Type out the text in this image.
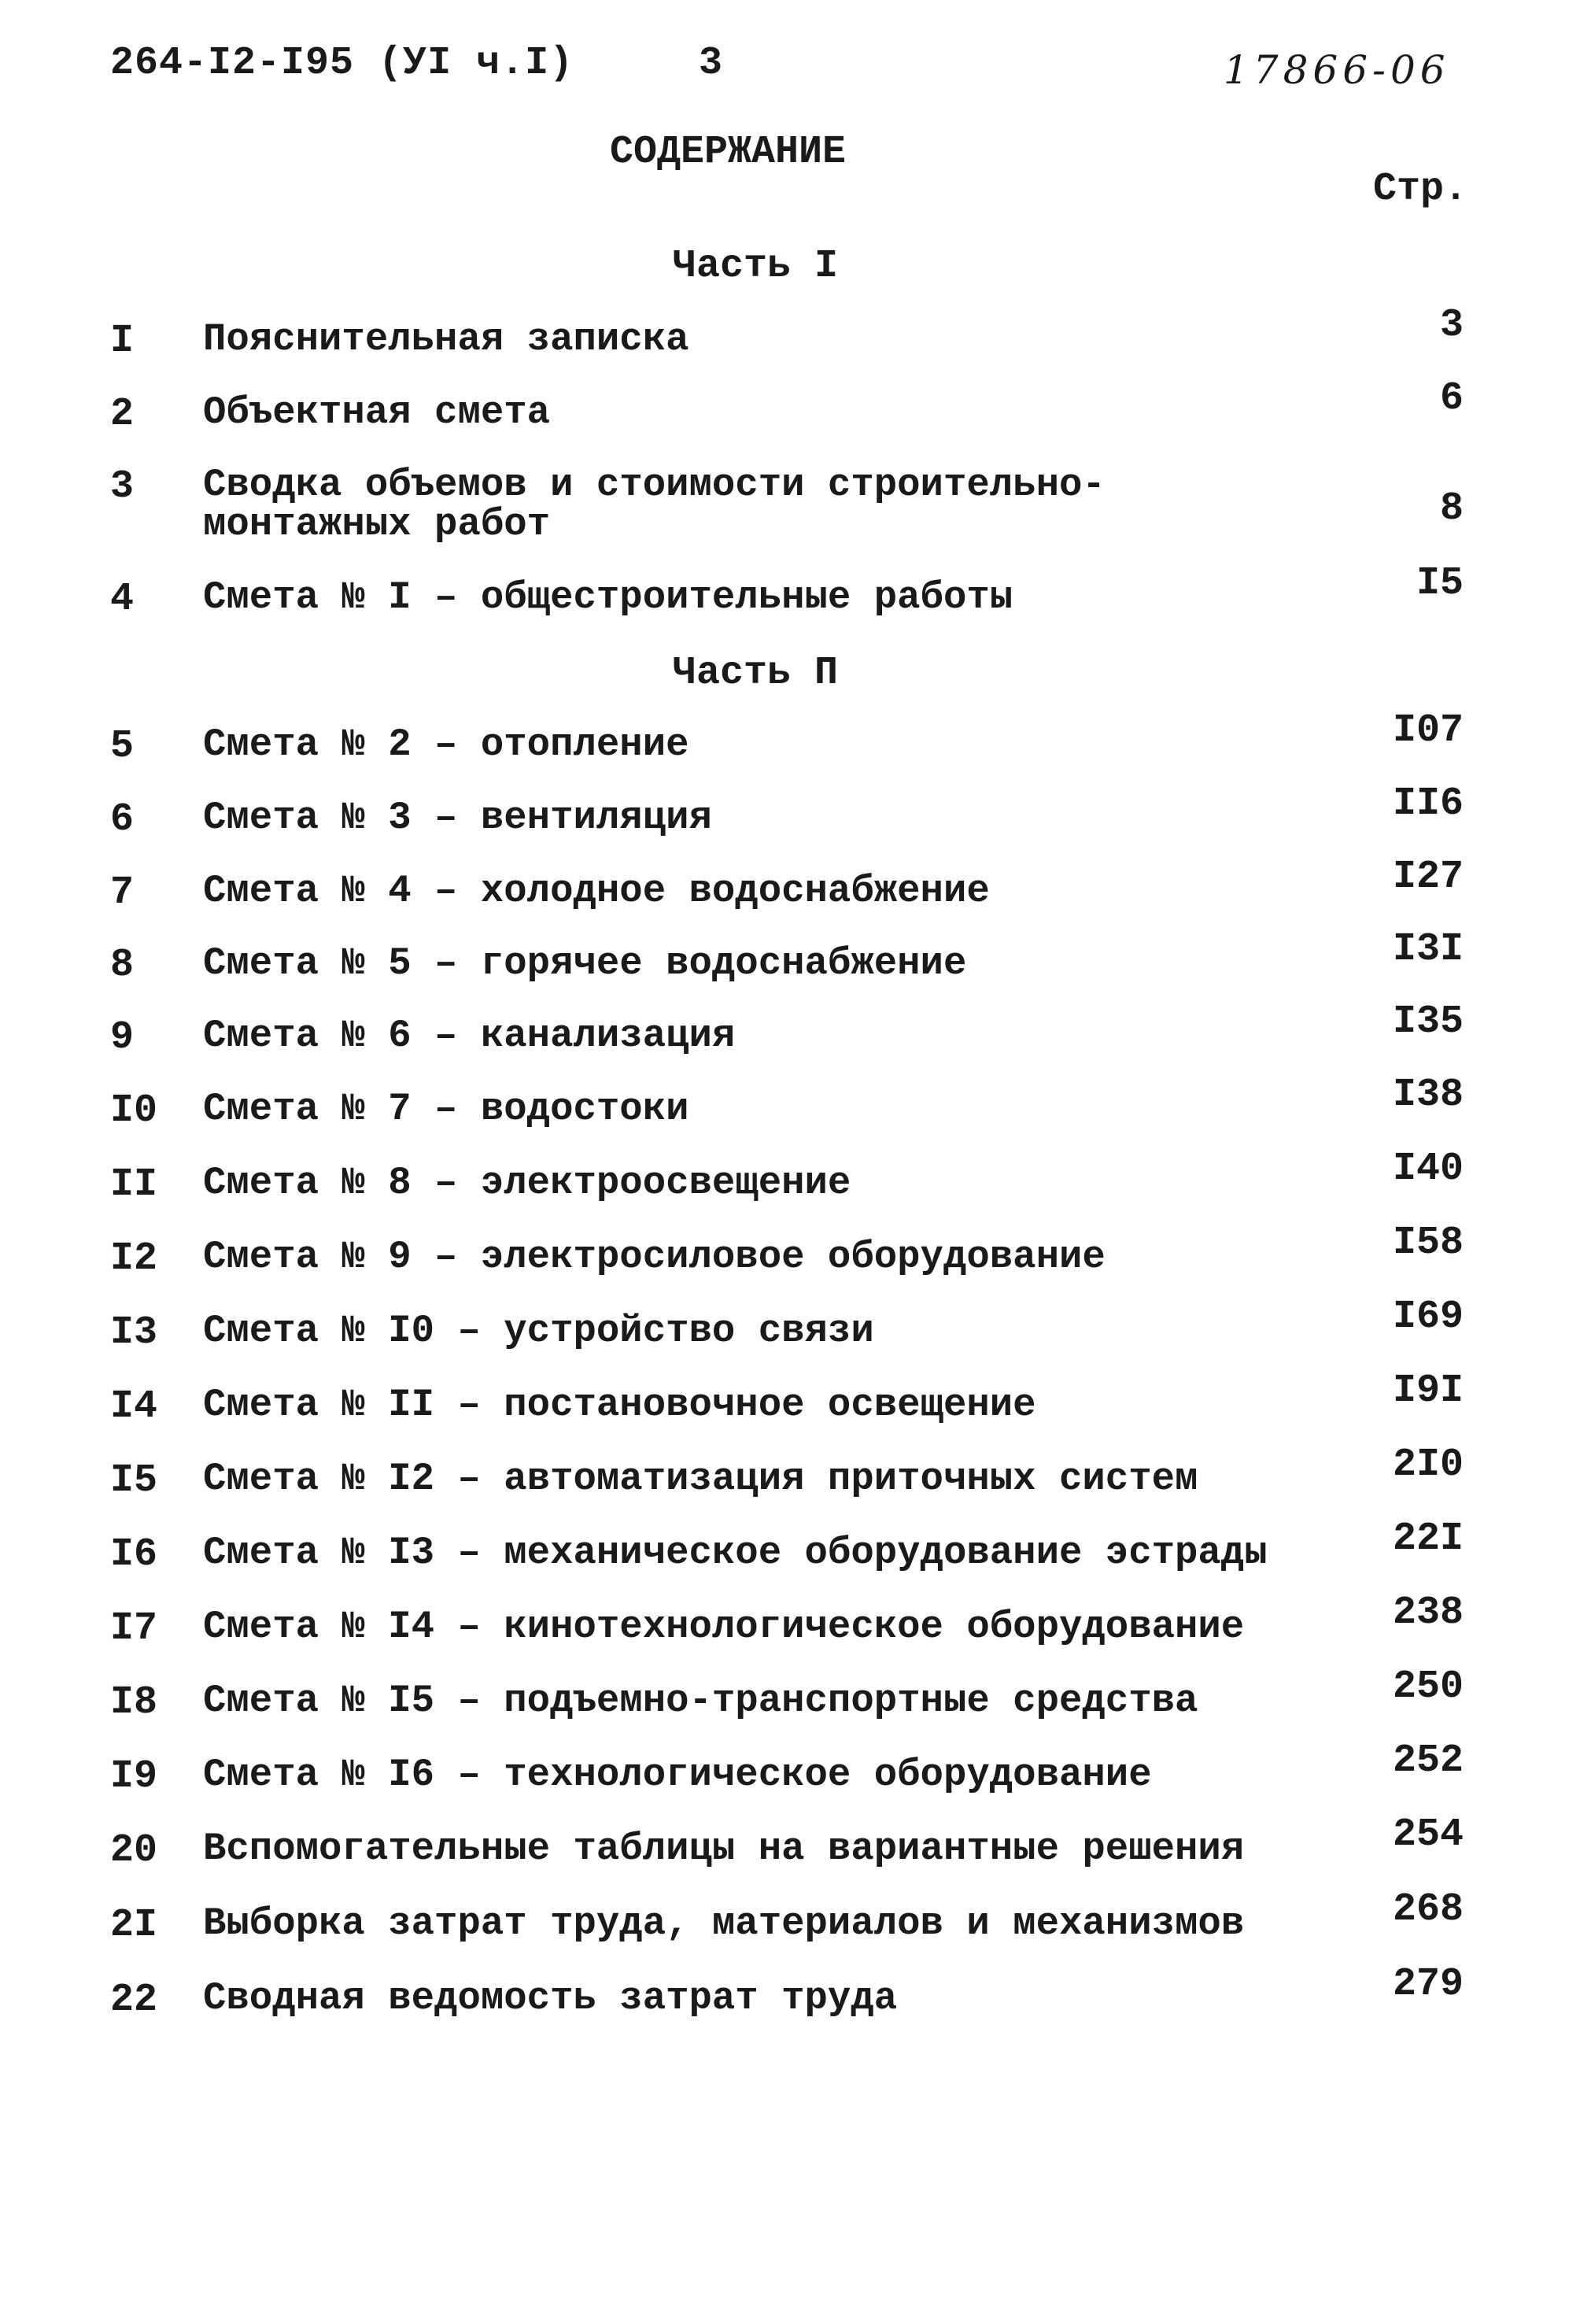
264-I2-I95 (УI ч.I)	3	17866-06
СОДЕРЖАНИЕ
Стр.
Часть I
I Пояснительная записка	3
2 Объектная смета	6
3 Сводка объемов и стоимости строительно-
монтажных работ	8
4 Смета № I – общестроительные работы	I5
Часть П
5 Смета № 2 – отопление	I07
6 Смета № 3 – вентиляция	II6
7 Смета № 4 – холодное водоснабжение	I27
8 Смета № 5 – горячее водоснабжение	I3I
9 Смета № 6 – канализация	I35
I0 Смета № 7 – водостоки	I38
II Смета № 8 – электроосвещение	I40
I2 Смета № 9 – электросиловое оборудование	I58
I3 Смета № I0 – устройство связи	I69
I4 Смета № II – постановочное освещение	I9I
I5 Смета № I2 – автоматизация приточных систем	2I0
I6 Смета № I3 – механическое оборудование эстрады	22I
I7 Смета № I4 – кинотехнологическое оборудование	238
I8 Смета № I5 – подъемно-транспортные средства	250
I9 Смета № I6 – технологическое оборудование	252
20 Вспомогательные таблицы на вариантные решения	254
2I Выборка затрат труда, материалов и механизмов	268
22 Сводная ведомость затрат труда	279
